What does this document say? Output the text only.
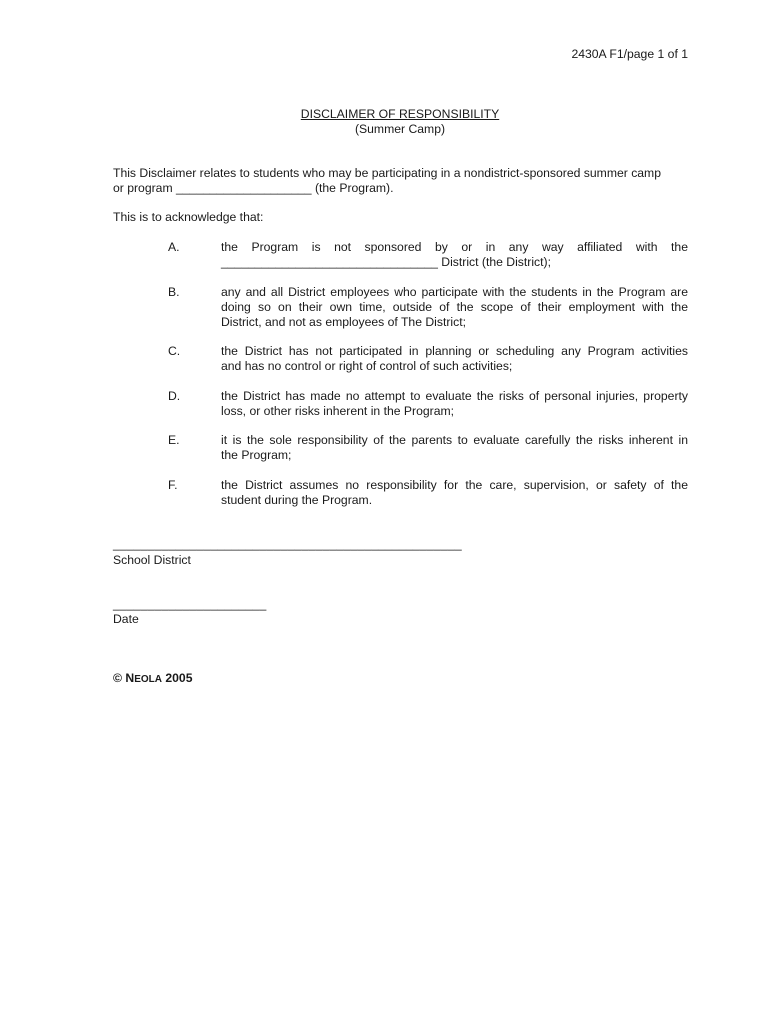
2430A F1/page 1 of 1
DISCLAIMER OF RESPONSIBILITY
(Summer Camp)
This Disclaimer relates to students who may be participating in a nondistrict-sponsored summer camp
or program ____________________ (the Program).
This is to acknowledge that:
A.	the Program is not sponsored by or in any way affiliated with the
________________________________ District (the District);
B.	any and all District employees who participate with the students in the Program are
doing so on their own time, outside of the scope of their employment with the
District, and not as employees of The District;
C.	the District has not participated in planning or scheduling any Program activities
and has no control or right of control of such activities;
D.	the District has made no attempt to evaluate the risks of personal injuries, property
loss, or other risks inherent in the Program;
E.	it is the sole responsibility of the parents to evaluate carefully the risks inherent in
the Program;
F.	the District assumes no responsibility for the care, supervision, or safety of the
student during the Program.
__________________________________________________
School District
______________________
Date
© NEOLA 2005
